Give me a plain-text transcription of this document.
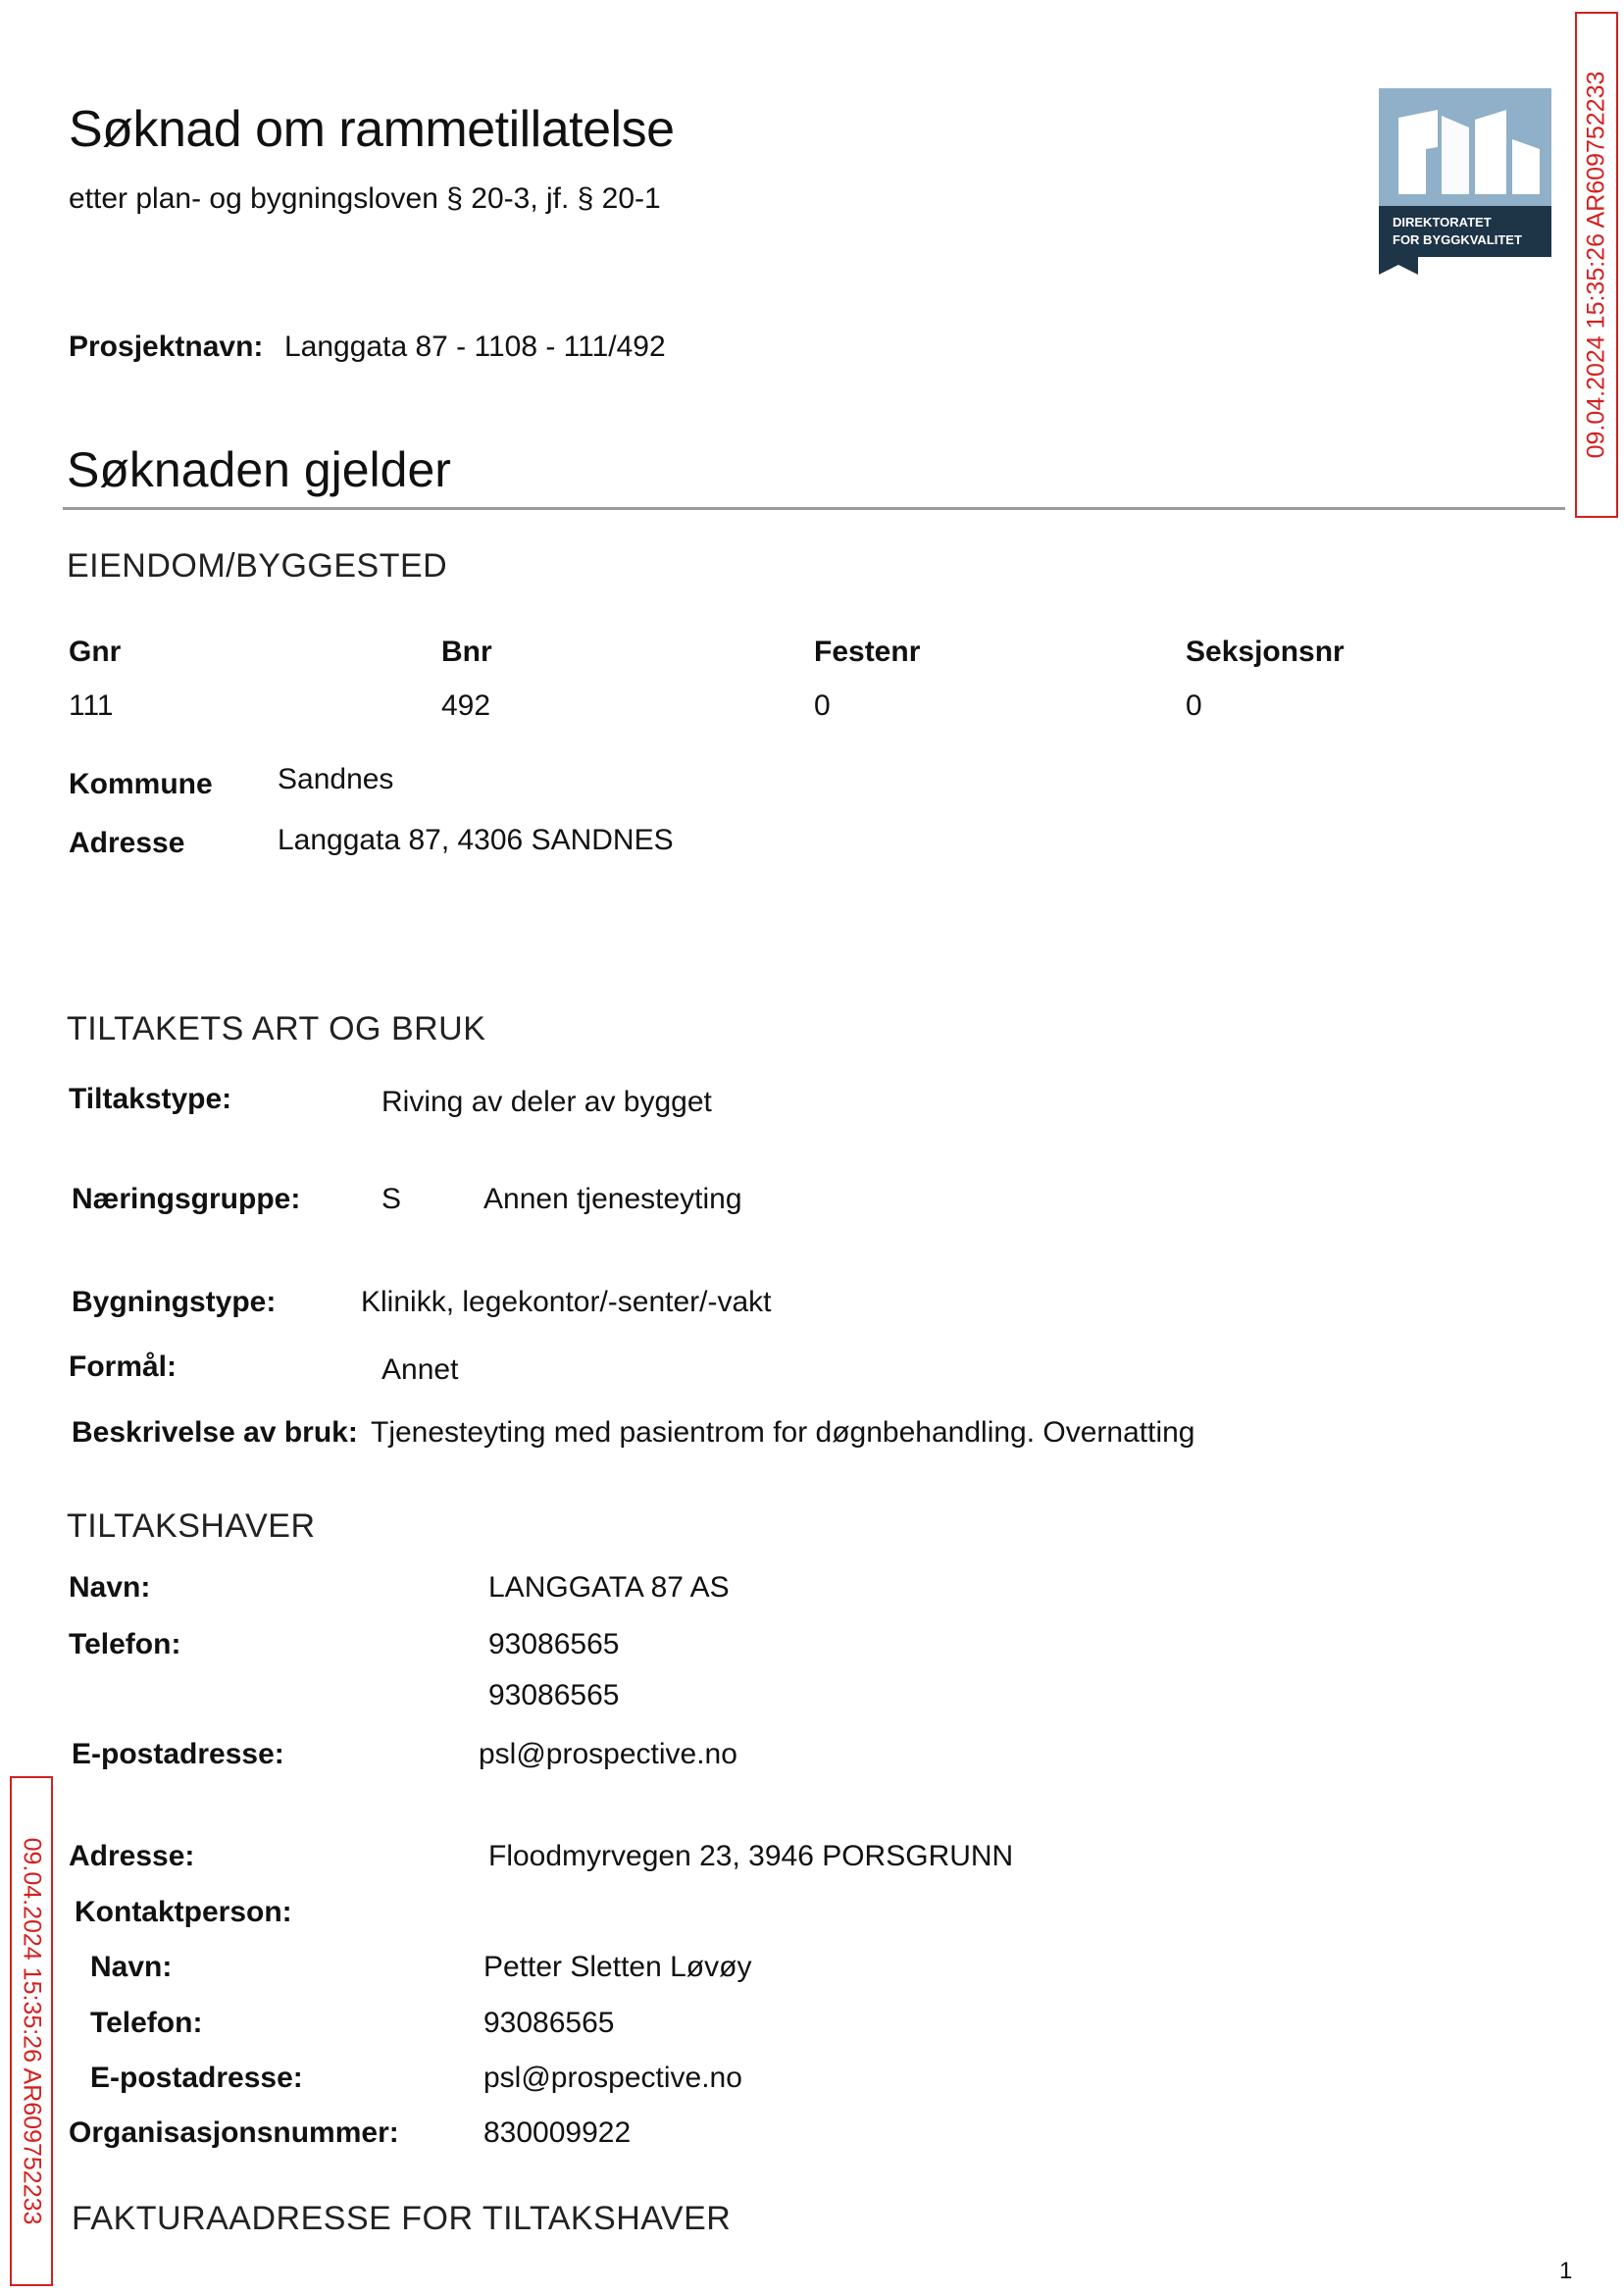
Søknad om rammetillatelse
etter plan- og bygningsloven § 20-3, jf. § 20-1
DIREKTORATET
FOR BYGGKVALITET
Prosjektnavn: Langgata 87 - 1108 - 111/492
Søknaden gjelder
EIENDOM/BYGGESTED
Gnr	Bnr	Festenr	Seksjonsnr
111	492	0	0
Kommune Sandnes
Adresse	Langgata 87, 4306 SANDNES
TILTAKETS ART OG BRUK
Tiltakstype:	Riving av deler av bygget
Næringsgruppe:	S	Annen tjenesteyting
Bygningstype:	Klinikk, legekontor/-senter/-vakt
Formål:	Annet
Beskrivelse av bruk: Tjenesteyting med pasientrom for døgnbehandling. Overnatting
TILTAKSHAVER
Navn:	LANGGATA 87 AS
Telefon:	93086565
93086565
E-postadresse:	psl@prospective.no
Adresse:	Floodmyrvegen 23, 3946 PORSGRUNN
Kontaktperson:
Navn:	Petter Sletten Løvøy
Telefon:	93086565
E-postadresse:	psl@prospective.no
Organisasjonsnummer:	830009922
FAKTURAADRESSE FOR TILTAKSHAVER
1
09.04.2024 15:35:26 AR609752233
09.04.2024 15:35:26 AR609752233
